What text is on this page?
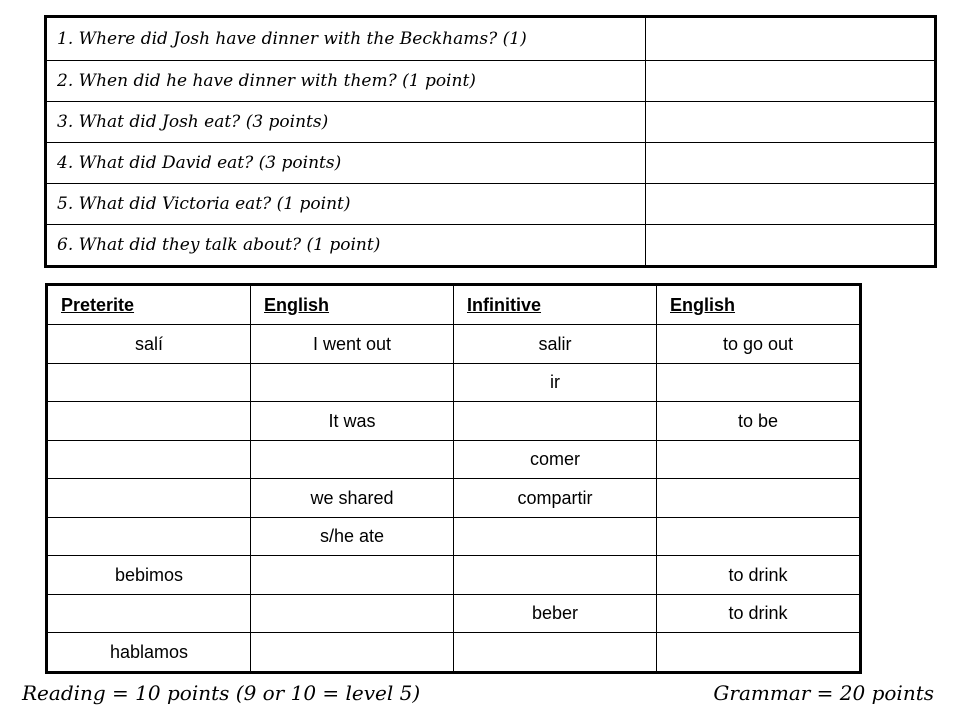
1. Where did Josh have dinner with the Beckhams? (1)	
2. When did he have dinner with them? (1 point)	
3. What did Josh eat? (3 points)	
4. What did David eat? (3 points)	
5. What did Victoria eat? (1 point)	
6. What did they talk about? (1 point)	
Preterite	English	Infinitive	English
salí	I went out	salir	to go out
		ir	
	It was		to be
		comer	
	we shared	compartir	
	s/he ate		
bebimos			to drink
		beber	to drink
hablamos			
Reading = 10 points (9 or 10 = level 5)	Grammar = 20 points
